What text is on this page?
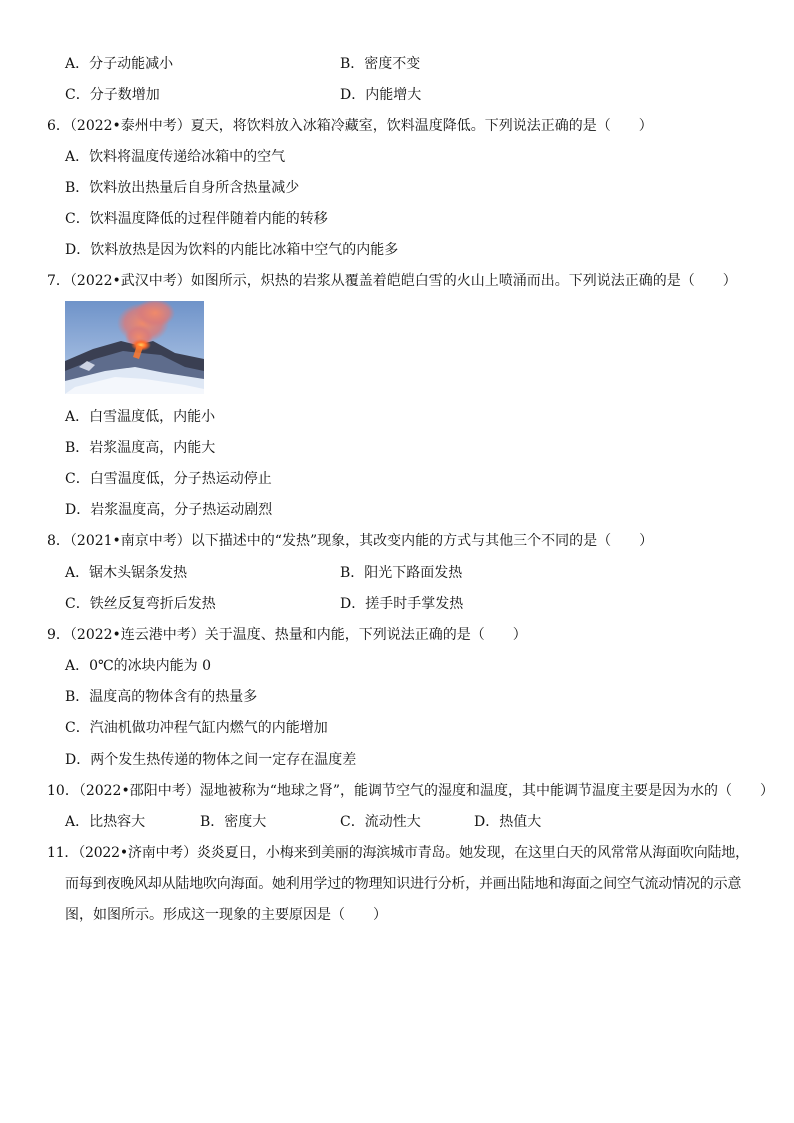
A．分子动能减小	B．密度不变
C．分子数增加	D．内能增大
6．（2022•泰州中考）夏天，将饮料放入冰箱冷藏室，饮料温度降低。下列说法正确的是（　　）
A．饮料将温度传递给冰箱中的空气
B．饮料放出热量后自身所含热量减少
C．饮料温度降低的过程伴随着内能的转移
D．饮料放热是因为饮料的内能比冰箱中空气的内能多
7．（2022•武汉中考）如图所示，炽热的岩浆从覆盖着皑皑白雪的火山上喷涌而出。下列说法正确的是（　　）
A．白雪温度低，内能小
B．岩浆温度高，内能大
C．白雪温度低，分子热运动停止
D．岩浆温度高，分子热运动剧烈
8．（2021•南京中考）以下描述中的“发热”现象，其改变内能的方式与其他三个不同的是（　　）
A．锯木头锯条发热	B．阳光下路面发热
C．铁丝反复弯折后发热	D．搓手时手掌发热
9．（2022•连云港中考）关于温度、热量和内能，下列说法正确的是（　　）
A．0℃的冰块内能为 0
B．温度高的物体含有的热量多
C．汽油机做功冲程气缸内燃气的内能增加
D．两个发生热传递的物体之间一定存在温度差
10．（2022•邵阳中考）湿地被称为“地球之肾”，能调节空气的湿度和温度，其中能调节温度主要是因为水的（　　）
A．比热容大	B．密度大	C．流动性大	D．热值大
11．（2022•济南中考）炎炎夏日，小梅来到美丽的海滨城市青岛。她发现，在这里白天的风常常从海面吹向陆地，
而每到夜晚风却从陆地吹向海面。她利用学过的物理知识进行分析，并画出陆地和海面之间空气流动情况的示意
图，如图所示。形成这一现象的主要原因是（　　）
